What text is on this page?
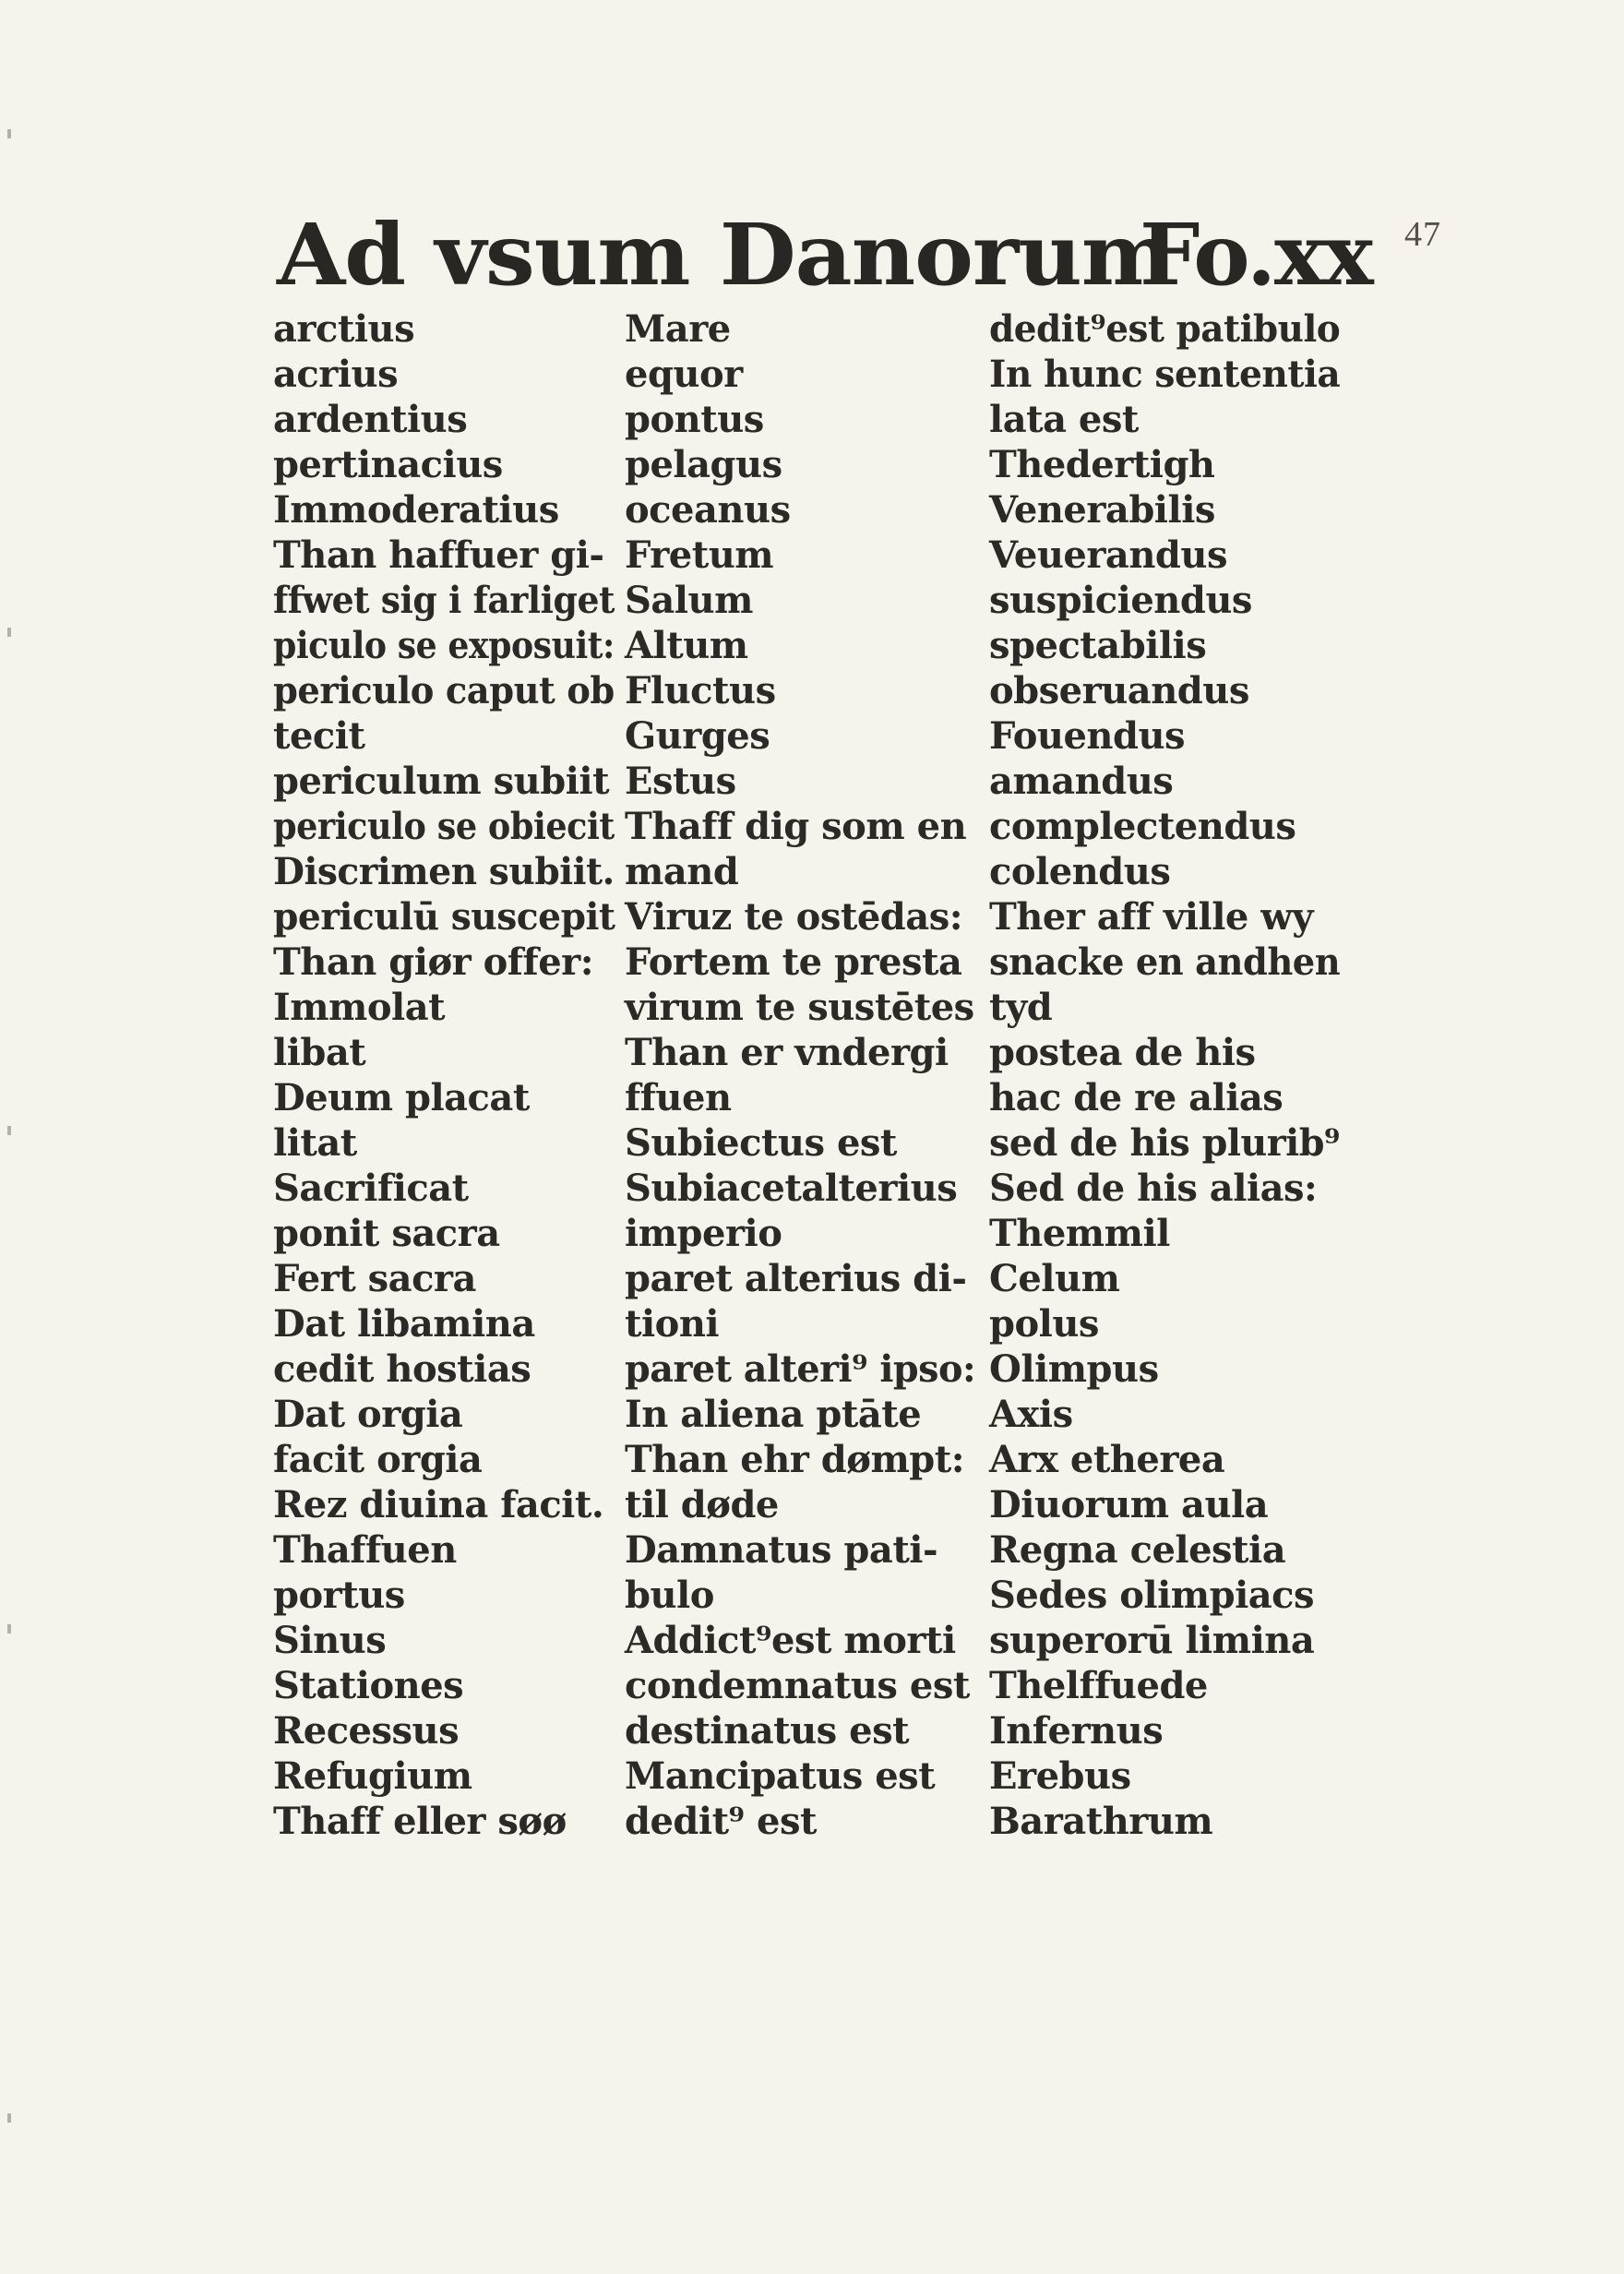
47
Ad vsum Danorum
Fo.xx
arctius
acrius
ardentius
pertinacius
Immoderatius
Than haffuer gi-
ffwet sig i farliget
piculo se exposuit:
periculo caput ob
tecit
periculum subiit
periculo se obiecit
Discrimen subiit.
periculū suscepit
Than giør offer:
Immolat
libat
Deum placat
litat
Sacrificat
ponit sacra
Fert sacra
Dat libamina
cedit hostias
Dat orgia
facit orgia
Rez diuina facit.
Thaffuen
portus
Sinus
Stationes
Recessus
Refugium
Thaff eller søø
Mare
equor
pontus
pelagus
oceanus
Fretum
Salum
Altum
Fluctus
Gurges
Estus
Thaff dig som en
mand
Viruz te ostēdas:
Fortem te presta
virum te sustētes
Than er vndergi
ffuen
Subiectus est
Subiacetalterius
imperio
paret alterius di-
tioni
paret alteri⁹ ipso:
In aliena ptāte
Than ehr dømpt:
til døde
Damnatus pati-
bulo
Addict⁹est morti
condemnatus est
destinatus est
Mancipatus est
dedit⁹ est
dedit⁹est patibulo
In hunc sententia
lata est
Thedertigh
Venerabilis
Veuerandus
suspiciendus
spectabilis
obseruandus
Fouendus
amandus
complectendus
colendus
Ther aff ville wy
snacke en andhen
tyd
postea de his
hac de re alias
sed de his plurib⁹
Sed de his alias:
Themmil
Celum
polus
Olimpus
Axis
Arx etherea
Diuorum aula
Regna celestia
Sedes olimpiacs
superorū limina
Thelffuede
Infernus
Erebus
Barathrum
